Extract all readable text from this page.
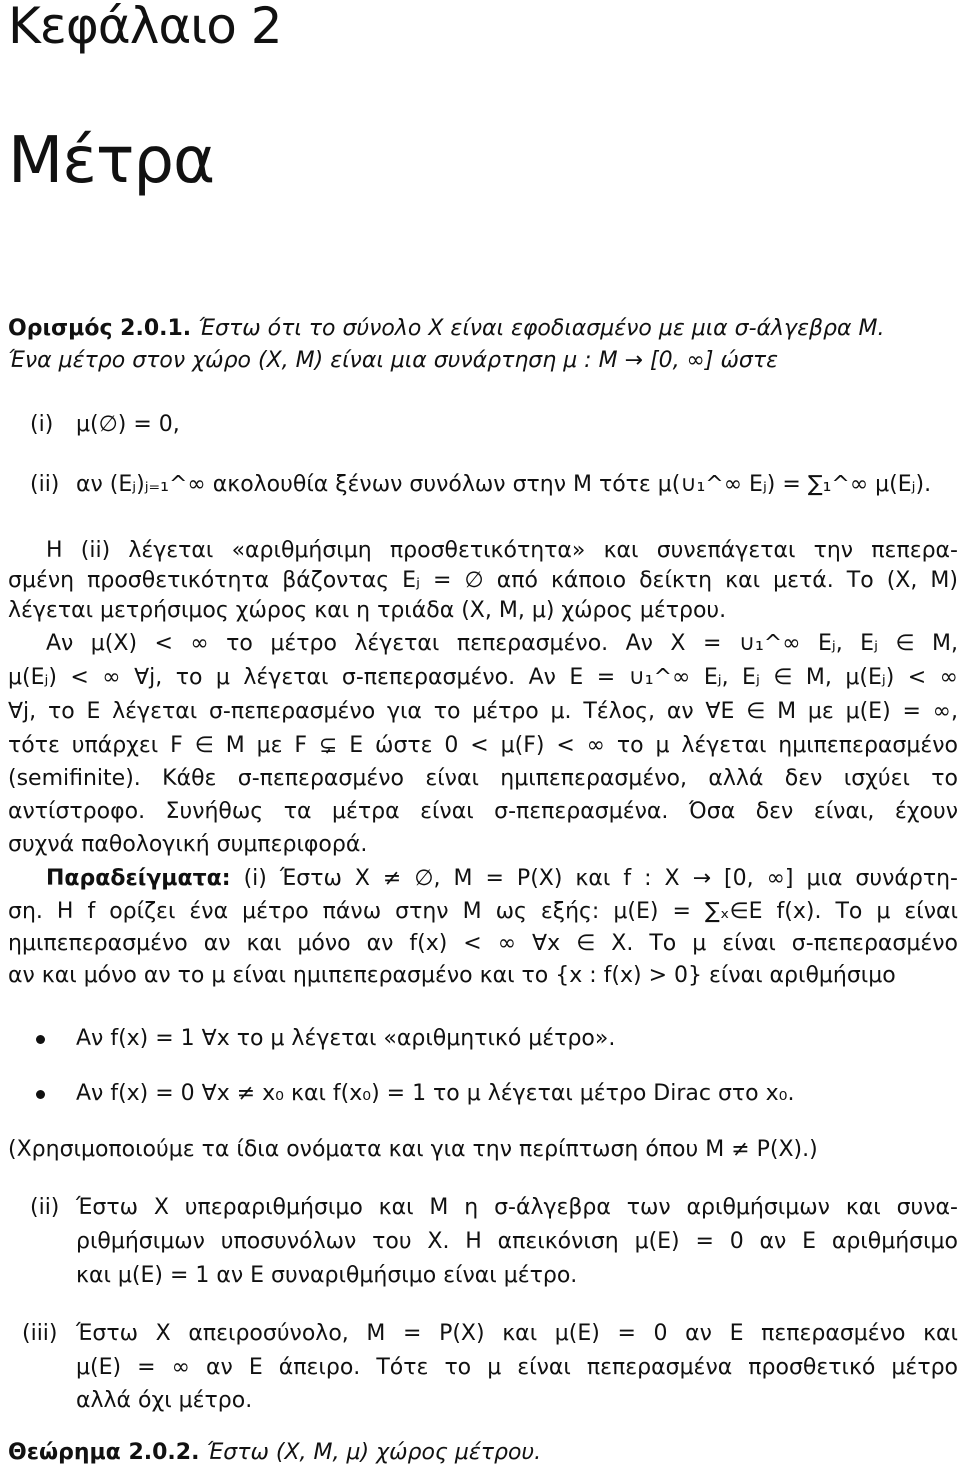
Κεφάλαιο 2
Μέτρα
Ορισμός 2.0.1. Έστω ότι το σύνολο X είναι εφοδιασμένο με μια σ-άλγεβρα M.
Ένα μέτρο στον χώρο (X, M) είναι μια συνάρτηση μ : M → [0, ∞] ώστε
(i) μ(∅) = 0,
(ii) αν (Eⱼ)ⱼ₌₁^∞ ακολουθία ξένων συνόλων στην M τότε μ(∪₁^∞ Eⱼ) = ∑₁^∞ μ(Eⱼ).
Η (ii) λέγεται «αριθμήσιμη προσθετικότητα» και συνεπάγεται την πεπερα-
σμένη προσθετικότητα βάζοντας Eⱼ = ∅ από κάποιο δείκτη και μετά. Το (X, M)
λέγεται μετρήσιμος χώρος και η τριάδα (X, M, μ) χώρος μέτρου.
Αν μ(X) < ∞ το μέτρο λέγεται πεπερασμένο. Αν X = ∪₁^∞ Eⱼ, Eⱼ ∈ M,
μ(Eⱼ) < ∞ ∀j, το μ λέγεται σ-πεπερασμένο. Αν E = ∪₁^∞ Eⱼ, Eⱼ ∈ M, μ(Eⱼ) < ∞
∀j, το E λέγεται σ-πεπερασμένο για το μέτρο μ. Τέλος, αν ∀E ∈ M με μ(E) = ∞,
τότε υπάρχει F ∈ M με F ⊊ E ώστε 0 < μ(F) < ∞ το μ λέγεται ημιπεπερασμένο
(semifinite). Κάθε σ-πεπερασμένο είναι ημιπεπερασμένο, αλλά δεν ισχύει το
αντίστροφο. Συνήθως τα μέτρα είναι σ-πεπερασμένα. Όσα δεν είναι, έχουν
συχνά παθολογική συμπεριφορά.
Παραδείγματα: (i) Έστω X ≠ ∅, M = P(X) και f : X → [0, ∞] μια συνάρτη-
ση. Η f ορίζει ένα μέτρο πάνω στην M ως εξής: μ(E) = ∑ₓ∈E f(x). Το μ είναι
ημιπεπερασμένο αν και μόνο αν f(x) < ∞ ∀x ∈ X. Το μ είναι σ-πεπερασμένο
αν και μόνο αν το μ είναι ημιπεπερασμένο και το {x : f(x) > 0} είναι αριθμήσιμο
Αν f(x) = 1 ∀x το μ λέγεται «αριθμητικό μέτρο».
Αν f(x) = 0 ∀x ≠ x₀ και f(x₀) = 1 το μ λέγεται μέτρο Dirac στο x₀.
(Χρησιμοποιούμε τα ίδια ονόματα και για την περίπτωση όπου M ≠ P(X).)
(ii) Έστω X υπεραριθμήσιμο και M η σ-άλγεβρα των αριθμήσιμων και συνα-
ριθμήσιμων υποσυνόλων του X. Η απεικόνιση μ(E) = 0 αν E αριθμήσιμο
και μ(E) = 1 αν E συναριθμήσιμο είναι μέτρο.
(iii) Έστω X απειροσύνολο, M = P(X) και μ(E) = 0 αν E πεπερασμένο και
μ(E) = ∞ αν E άπειρο. Τότε το μ είναι πεπερασμένα προσθετικό μέτρο
αλλά όχι μέτρο.
Θεώρημα 2.0.2. Έστω (X, M, μ) χώρος μέτρου.
